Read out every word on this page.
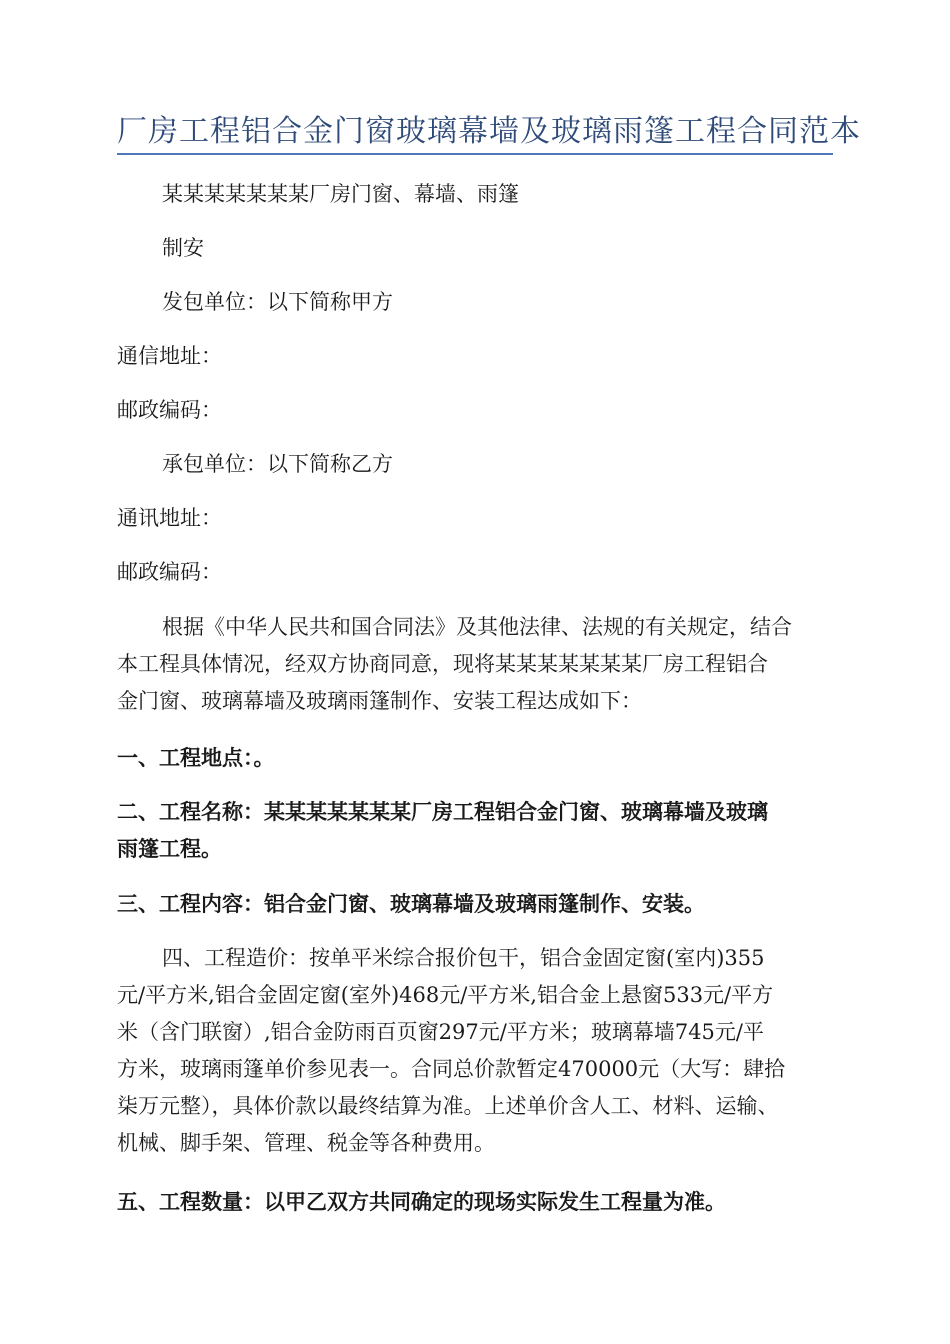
厂房工程铝合金门窗玻璃幕墙及玻璃雨篷工程合同范本
某某某某某某某厂房门窗、幕墙、雨篷
制安
发包单位：以下简称甲方
通信地址：
邮政编码：
承包单位：以下简称乙方
通讯地址：
邮政编码：
根据《中华人民共和国合同法》及其他法律、法规的有关规定，结合
本工程具体情况，经双方协商同意，现将某某某某某某某厂房工程铝合
金门窗、玻璃幕墙及玻璃雨篷制作、安装工程达成如下：
一、工程地点：。
二、工程名称：某某某某某某某厂房工程铝合金门窗、玻璃幕墙及玻璃
雨篷工程。
三、工程内容：铝合金门窗、玻璃幕墙及玻璃雨篷制作、安装。
四、工程造价：按单平米综合报价包干，铝合金固定窗(室内)355
元/平方米,铝合金固定窗(室外)468元/平方米,铝合金上悬窗533元/平方
米（含门联窗）,铝合金防雨百页窗297元/平方米；玻璃幕墙745元/平
方米，玻璃雨篷单价参见表一。合同总价款暂定470000元（大写：肆拾
柒万元整），具体价款以最终结算为准。上述单价含人工、材料、运输、
机械、脚手架、管理、税金等各种费用。
五、工程数量：以甲乙双方共同确定的现场实际发生工程量为准。
